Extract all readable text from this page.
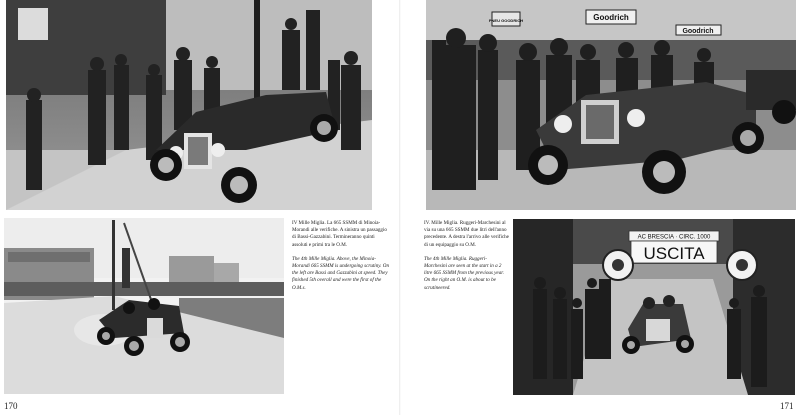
Goodrich
Goodrich
PNEU GOODRICH
AC BRESCIA · CIRC. 1000
USCITA

IV Mille Miglia. La 665 SSMM di Minoia-Morandi alle verifiche. A sinistra un passaggio di Bassi-Gazzabini. Termineranno quinti assoluti e primi tra le O.M.

The 4th Mille Miglia. Above, the Minoia-Morandi 665 SSMM is undergoing scrutiny. On the left are Bassi and Gazzabini at speed. They finished 5th overall and were the first of the O.M.s.

IV. Mille Miglia. Ruggeri-Marchesini al via su una 665 SSMM due litri dell'anno precedente. A destra l'arrivo alle verifiche di un equipaggio su O.M.

The 4th Mille Miglia. Ruggeri-Marchesini are seen at the start in a 2 litre 665 SSMM from the previous year. On the right an O.M. is about to be scrutineered.

170	171
